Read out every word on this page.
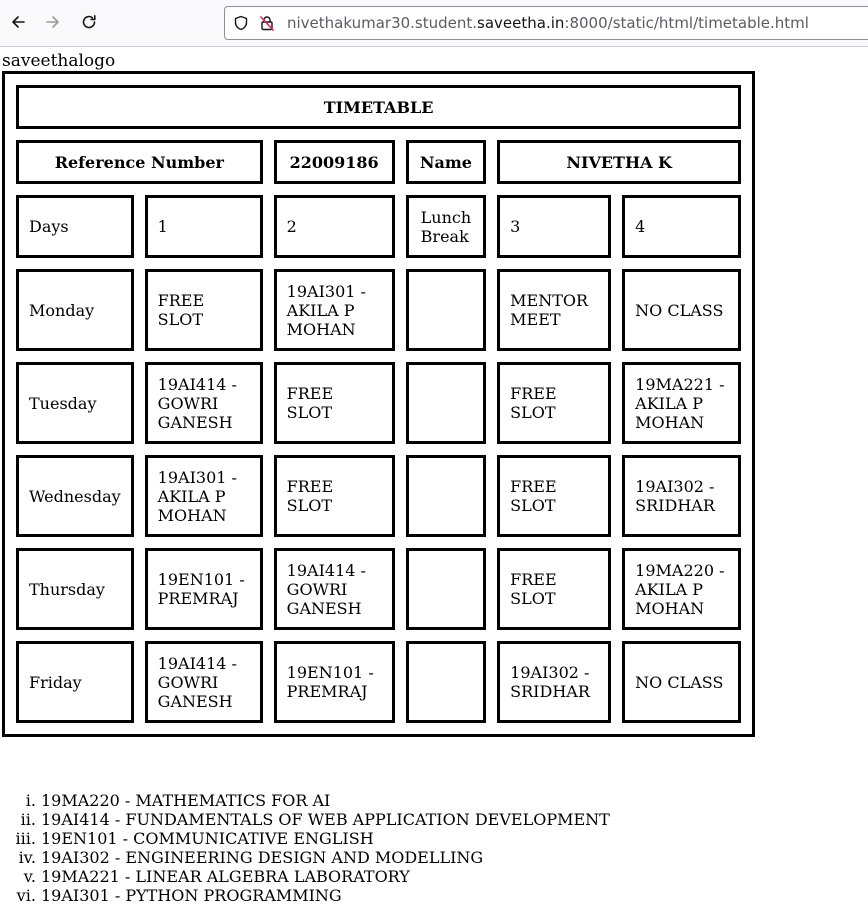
nivethakumar30.student.saveetha.in:8000/static/html/timetable.html
saveethalogo
TIMETABLE					
Reference Number		22009186	Name	NIVETHA K	
Days	1	2	Lunch Break	3	4
Monday	FREE SLOT	19AI301 -AKILA P MOHAN		MENTOR MEET	NO CLASS
Tuesday	19AI414 -GOWRI GANESH	FREE SLOT		FREE SLOT	19MA221 -AKILA P MOHAN
Wednesday	19AI301 -AKILA P MOHAN	FREE SLOT		FREE SLOT	19AI302 -SRIDHAR
Thursday	19EN101 -PREMRAJ	19AI414 -GOWRI GANESH		FREE SLOT	19MA220 -AKILA P MOHAN
Friday	19AI414 -GOWRI GANESH	19EN101 -PREMRAJ		19AI302 -SRIDHAR	NO CLASS
i. 19MA220 - MATHEMATICS FOR AI
ii. 19AI414 - FUNDAMENTALS OF WEB APPLICATION DEVELOPMENT
iii. 19EN101 - COMMUNICATIVE ENGLISH
iv. 19AI302 - ENGINEERING DESIGN AND MODELLING
v. 19MA221 - LINEAR ALGEBRA LABORATORY
vi. 19AI301 - PYTHON PROGRAMMING
